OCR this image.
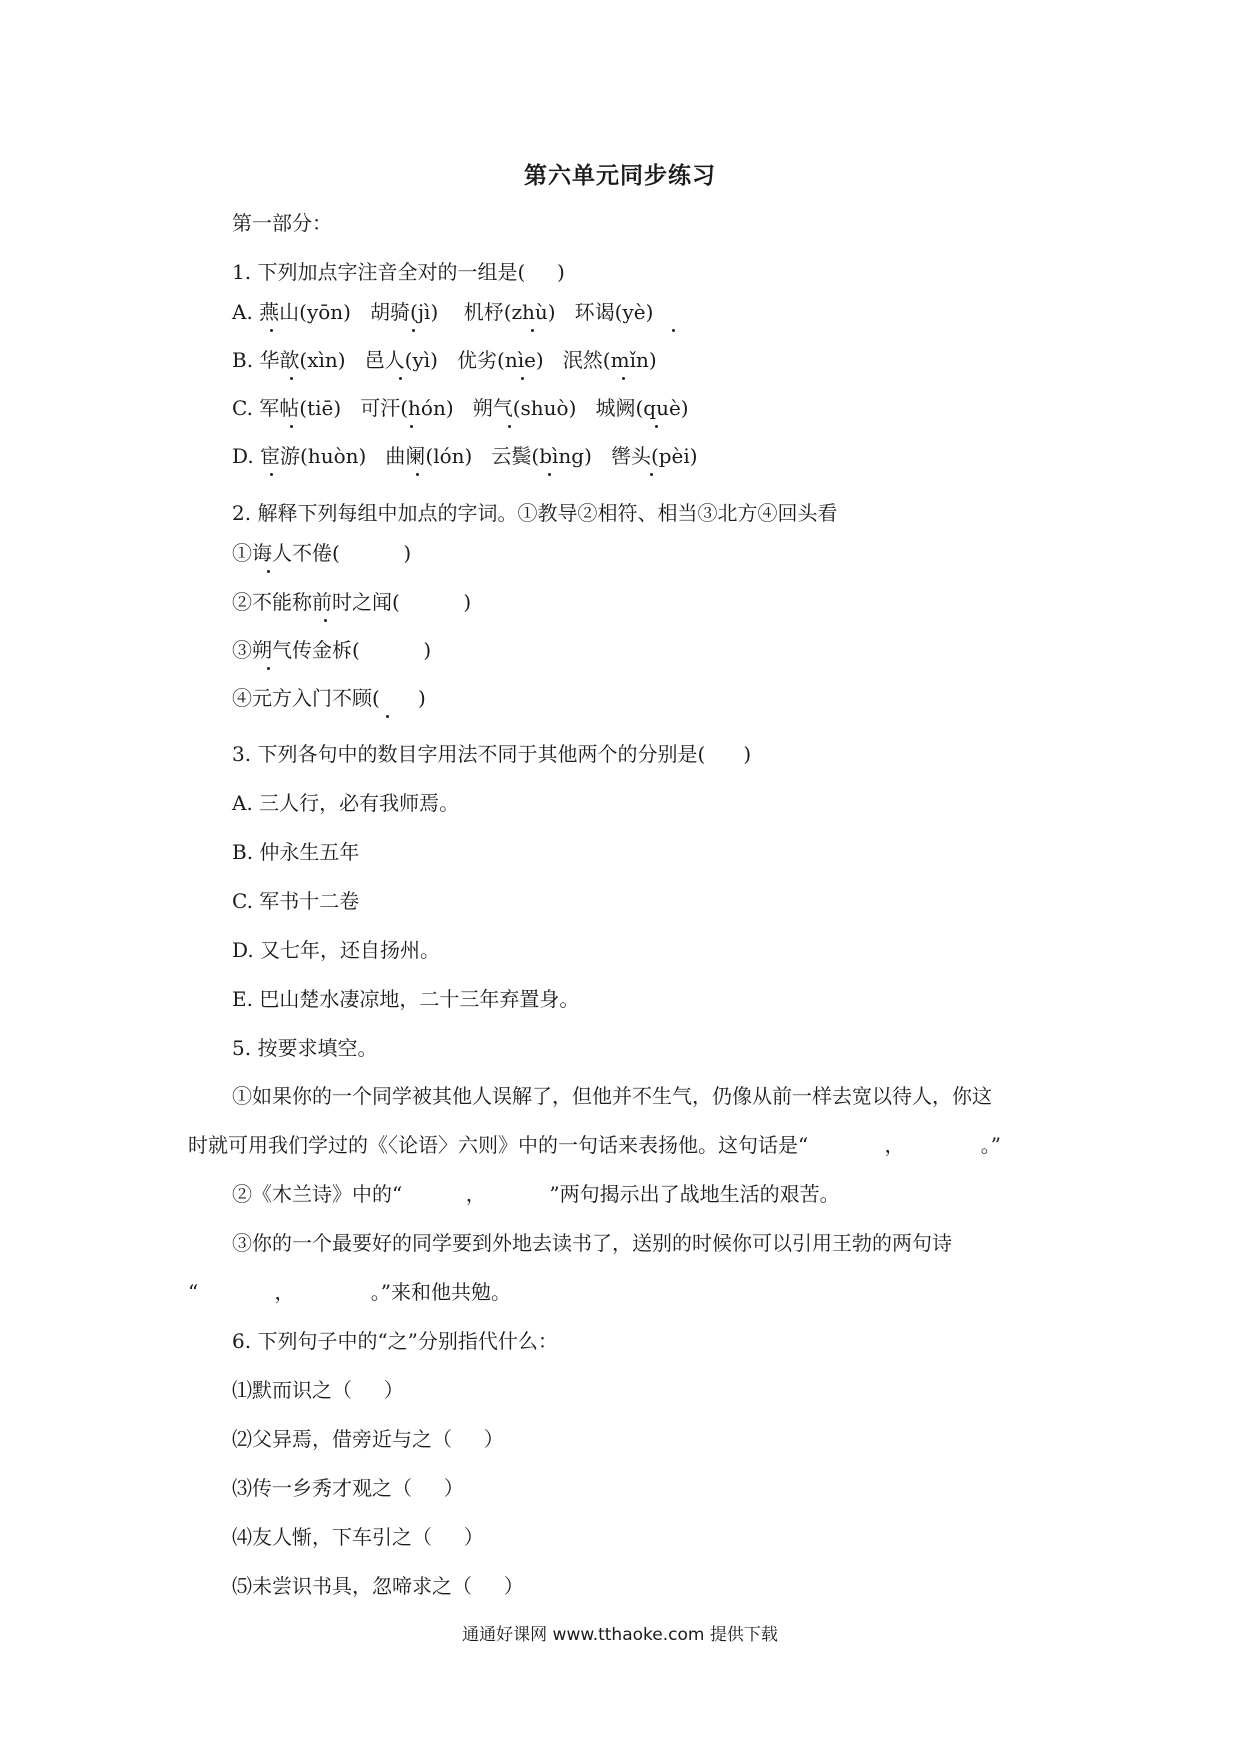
第六单元同步练习
第一部分：
1. 下列加点字注音全对的一组是(     )
A. 燕山(yōn)   胡骑(jì)    机杼(zhù)   环谒(yè)
B. 华歆(xìn)   邑人(yì)   优劣(nìe)   泯然(mǐn)
C. 军帖(tiē)   可汗(hón)   朔气(shuò)   城阙(què)
D. 宦游(huòn)   曲阑(lón)   云鬓(bìng)   辔头(pèi)
2. 解释下列每组中加点的字词。①教导②相符、相当③北方④回头看
①诲人不倦(          )
②不能称前时之闻(          )
③朔气传金柝(          )
④元方入门不顾(      )
3. 下列各句中的数目字用法不同于其他两个的分别是(      )
A. 三人行，必有我师焉。
B. 仲永生五年
C. 军书十二卷
D. 又七年，还自扬州。
E. 巴山楚水凄凉地，二十三年弃置身。
5. 按要求填空。
①如果你的一个同学被其他人误解了，但他并不生气，仍像从前一样去宽以待人，你这
时就可用我们学过的《〈论语〉六则》中的一句话来表扬他。这句话是“            ，            。”
②《木兰诗》中的“          ，          ”两句揭示出了战地生活的艰苦。
③你的一个最要好的同学要到外地去读书了，送别的时候你可以引用王勃的两句诗
“            ，            。”来和他共勉。
6. 下列句子中的“之”分别指代什么：
⑴默而识之（     ）
⑵父异焉，借旁近与之（     ）
⑶传一乡秀才观之（     ）
⑷友人惭，下车引之（     ）
⑸未尝识书具，忽啼求之（     ）
通通好课网 www.tthaoke.com 提供下载
